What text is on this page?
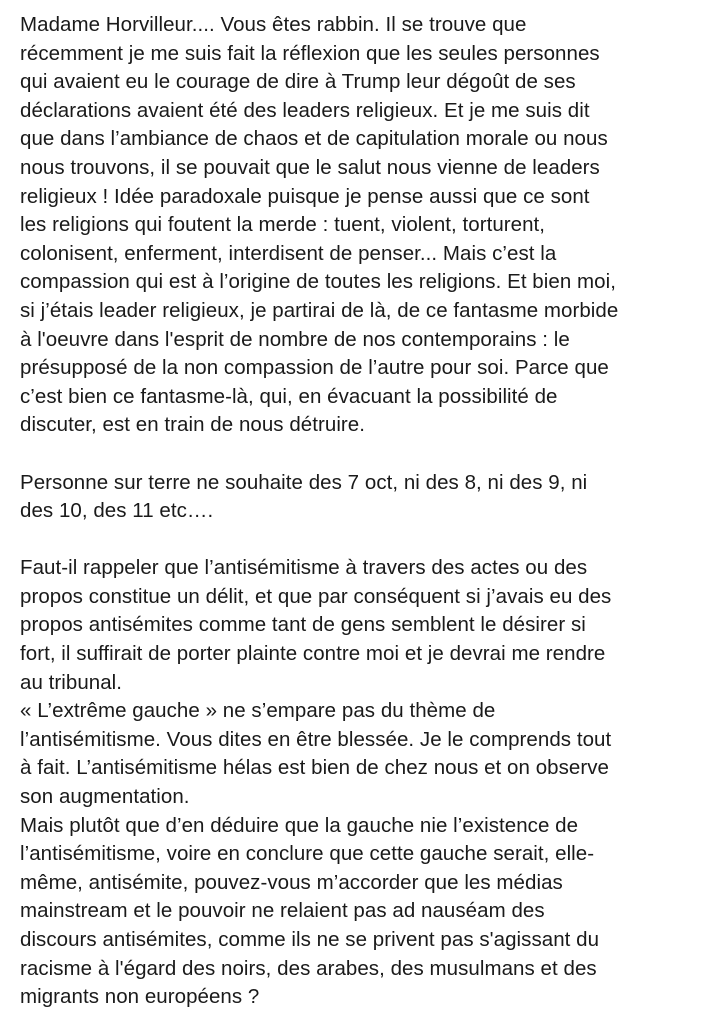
Madame Horvilleur.... Vous êtes rabbin. Il se trouve que
récemment je me suis fait la réflexion que les seules personnes
qui avaient eu le courage de dire à Trump leur dégoût de ses
déclarations avaient été des leaders religieux. Et je me suis dit
que dans l’ambiance de chaos et de capitulation morale ou nous
nous trouvons, il se pouvait que le salut nous vienne de leaders
religieux ! Idée paradoxale puisque je pense aussi que ce sont
les religions qui foutent la merde : tuent, violent, torturent,
colonisent, enferment, interdisent de penser... Mais c’est la
compassion qui est à l’origine de toutes les religions. Et bien moi,
si j’étais leader religieux, je partirai de là, de ce fantasme morbide
à l'oeuvre dans l'esprit de nombre de nos contemporains : le
présupposé de la non compassion de l’autre pour soi. Parce que
c’est bien ce fantasme-là, qui, en évacuant la possibilité de
discuter, est en train de nous détruire.

Personne sur terre ne souhaite des 7 oct, ni des 8, ni des 9, ni
des 10, des 11 etc….

Faut-il rappeler que l’antisémitisme à travers des actes ou des
propos constitue un délit, et que par conséquent si j’avais eu des
propos antisémites comme tant de gens semblent le désirer si
fort, il suffirait de porter plainte contre moi et je devrai me rendre
au tribunal.
« L’extrême gauche » ne s’empare pas du thème de
l’antisémitisme. Vous dites en être blessée. Je le comprends tout
à fait. L’antisémitisme hélas est bien de chez nous et on observe
son augmentation.
Mais plutôt que d’en déduire que la gauche nie l’existence de
l’antisémitisme, voire en conclure que cette gauche serait, elle-
même, antisémite, pouvez-vous m’accorder que les médias
mainstream et le pouvoir ne relaient pas ad nauséam des
discours antisémites, comme ils ne se privent pas s'agissant du
racisme à l'égard des noirs, des arabes, des musulmans et des
migrants non européens ?
